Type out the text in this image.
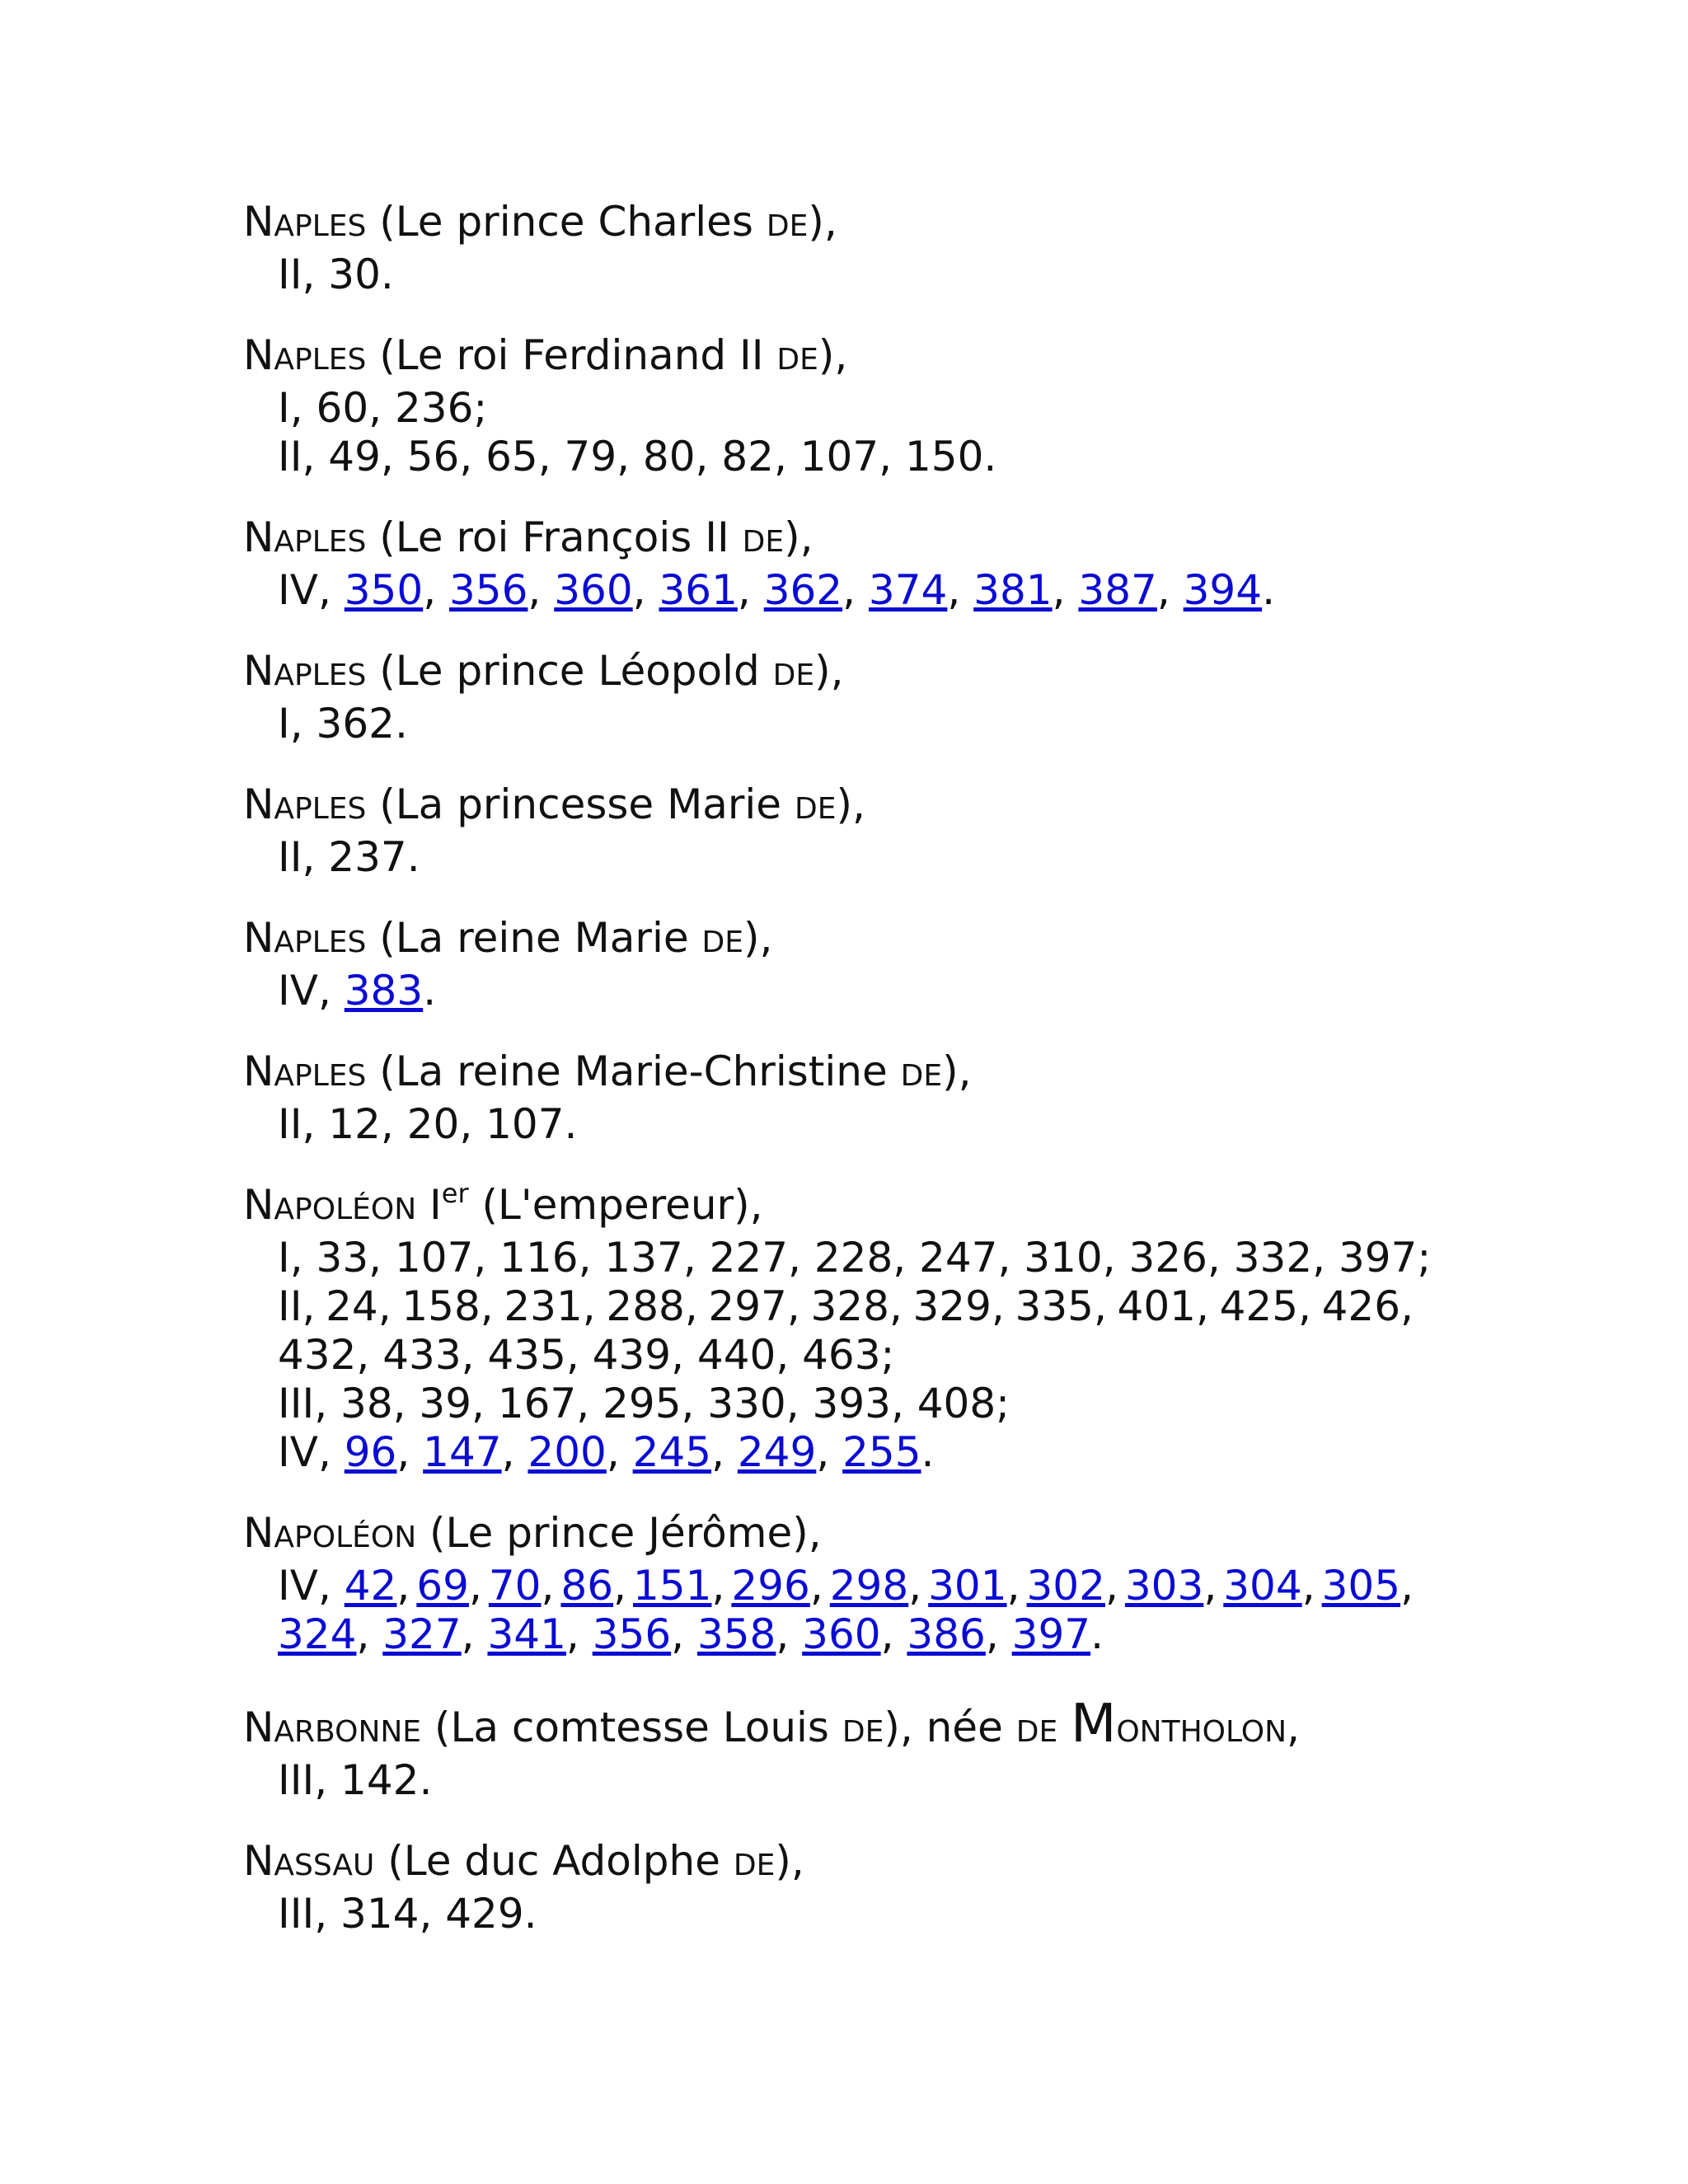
NAPLES (Le prince Charles DE),
II, 30.
NAPLES (Le roi Ferdinand II DE),
I, 60, 236;
II, 49, 56, 65, 79, 80, 82, 107, 150.
NAPLES (Le roi François II DE),
IV, 350, 356, 360, 361, 362, 374, 381, 387, 394.
NAPLES (Le prince Léopold DE),
I, 362.
NAPLES (La princesse Marie DE),
II, 237.
NAPLES (La reine Marie DE),
IV, 383.
NAPLES (La reine Marie-Christine DE),
II, 12, 20, 107.
NAPOLÉON Ier (L'empereur),
I, 33, 107, 116, 137, 227, 228, 247, 310, 326, 332, 397;
II, 24, 158, 231, 288, 297, 328, 329, 335, 401, 425, 426,
432, 433, 435, 439, 440, 463;
III, 38, 39, 167, 295, 330, 393, 408;
IV, 96, 147, 200, 245, 249, 255.
NAPOLÉON (Le prince Jérôme),
IV, 42, 69, 70, 86, 151, 296, 298, 301, 302, 303, 304, 305,
324, 327, 341, 356, 358, 360, 386, 397.
NARBONNE (La comtesse Louis DE), née DE MONTHOLON,
III, 142.
NASSAU (Le duc Adolphe DE),
III, 314, 429.
